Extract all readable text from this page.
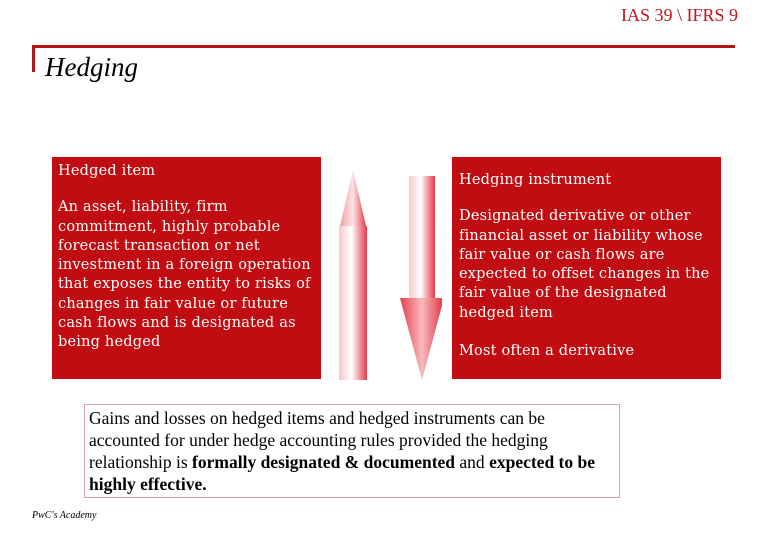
IAS 39 \ IFRS 9
Hedging
Hedged item
An asset, liability, firm commitment, highly probable forecast transaction or net investment in a foreign operation that exposes the entity to risks of changes in fair value or future cash flows and is designated as being hedged
Hedging instrument
Designated derivative or other financial asset or liability whose fair value or cash flows are expected to offset changes in the fair value of the designated hedged item
Most often a derivative
Gains and losses on hedged items and hedged instruments can be accounted for under hedge accounting rules provided the hedging relationship is formally designated & documented and expected to be highly effective.
PwC's Academy
